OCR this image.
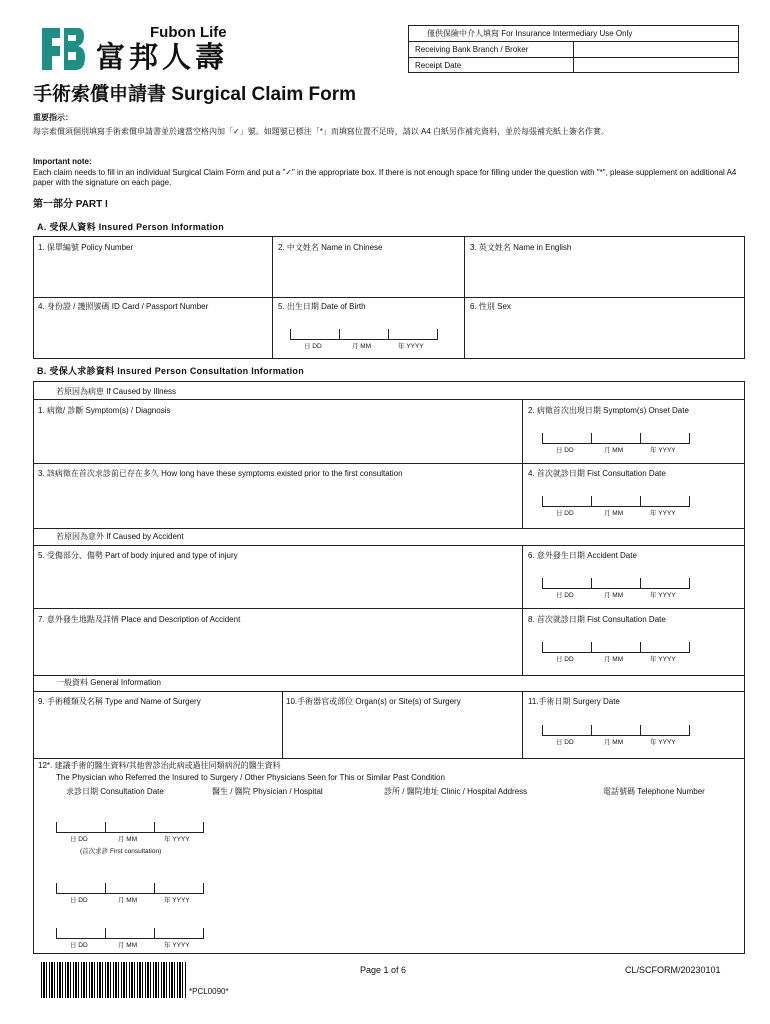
Fubon Life
富邦人壽
僅供保險中介人填寫 For Insurance Intermediary Use Only
Receiving Bank Branch / Broker
Receipt Date
手術索償申請書 Surgical Claim Form
重要指示：
每宗索償須個別填寫手術索償申請書並於適當空格內加「✓」號。如題號已標注「*」而填寫位置不足時，請以 A4 白紙另作補充資料，並於每張補充紙上簽名作實。
Important note:
Each claim needs to fill in an individual Surgical Claim Form and put a "✓" in the appropriate box. If there is not enough space for filling under the question with "*", please supplement on additional A4 paper with the signature on each page.
第一部分 PART I
A. 受保人資料 Insured Person Information
1. 保單編號 Policy Number	2. 中文姓名 Name in Chinese	3. 英文姓名 Name in English
4. 身份證 / 護照號碼 ID Card / Passport Number	5. 出生日期 Date of Birth	6. 性別 Sex
日 DD	月 MM	年 YYYY
B. 受保人求診資料 Insured Person Consultation Information
若原因為病患 If Caused by Illness
1. 病徵/ 診斷 Symptom(s) / Diagnosis	2. 病徵首次出現日期 Symptom(s) Onset Date
日 DD	月 MM	年 YYYY
3. 該病徵在首次求診前已存在多久 How long have these symptoms existed prior to the first consultation	4. 首次就診日期 Fist Consultation Date
日 DD	月 MM	年 YYYY
若原因為意外 If Caused by Accident
5. 受傷部分、傷勢 Part of body injured and type of injury	6. 意外發生日期 Accident Date
日 DD	月 MM	年 YYYY
7. 意外發生地點及詳情 Place and Description of Accident	8. 首次就診日期 Fist Consultation Date
日 DD	月 MM	年 YYYY
一般資料 General Information
9. 手術種類及名稱 Type and Name of Surgery	10.手術器官或部位 Organ(s) or Site(s) of Surgery	11.手術日期 Surgery Date
日 DD	月 MM	年 YYYY
12*. 建議手術的醫生資料/其他曾診治此病或過往同類病況的醫生資料
The Physician who Referred the Insured to Surgery / Other Physicians Seen for This or Similar Past Condition
求診日期 Consultation Date	醫生 / 醫院 Physician / Hospital	診所 / 醫院地址 Clinic / Hospital Address	電話號碼 Telephone Number
日 DD	月 MM	年 YYYY
(首次求診 First consultation)
日 DD	月 MM	年 YYYY
日 DD	月 MM	年 YYYY
*PCL0090*
Page 1 of 6	CL/SCFORM/20230101
